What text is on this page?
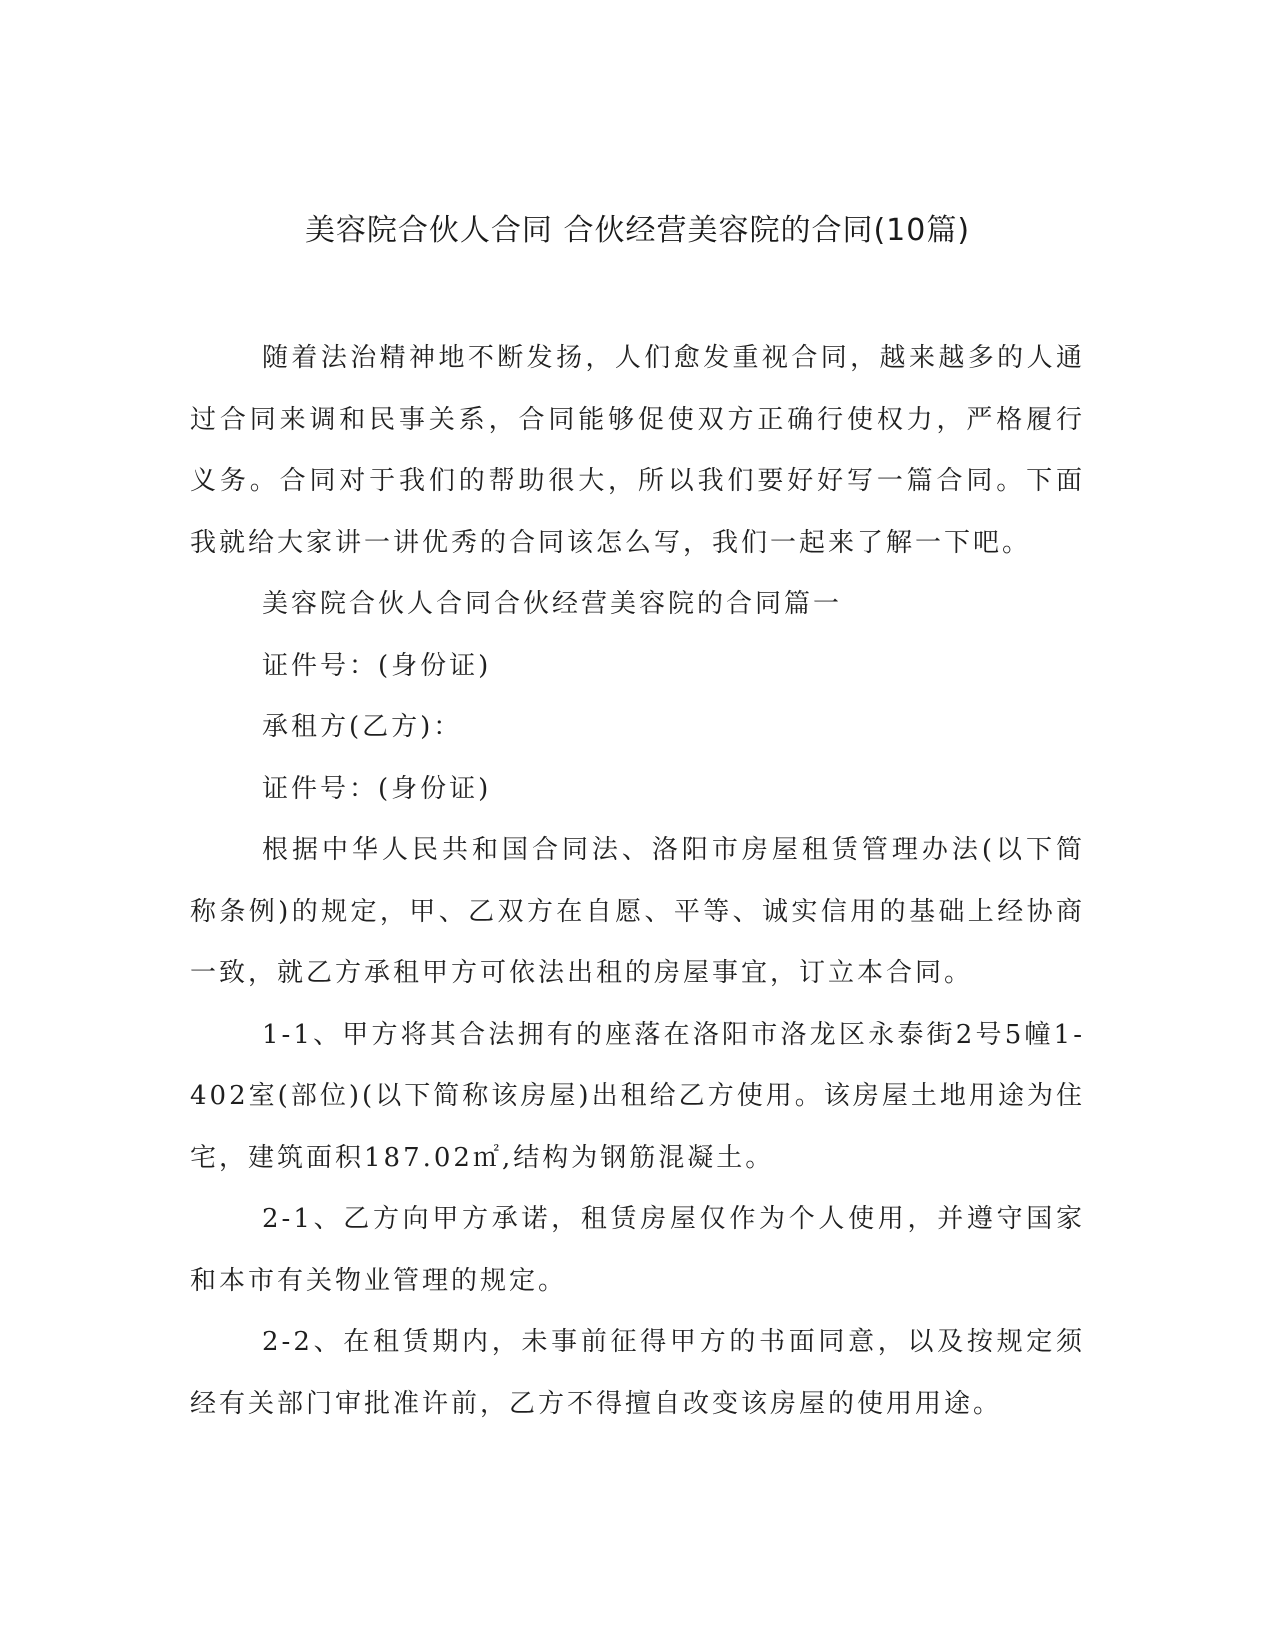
美容院合伙人合同 合伙经营美容院的合同(10篇)

随着法治精神地不断发扬，人们愈发重视合同，越来越多的人通过合同来调和民事关系，合同能够促使双方正确行使权力，严格履行义务。合同对于我们的帮助很大，所以我们要好好写一篇合同。下面我就给大家讲一讲优秀的合同该怎么写，我们一起来了解一下吧。

美容院合伙人合同合伙经营美容院的合同篇一

证件号：(身份证)

承租方(乙方)：

证件号：(身份证)

根据中华人民共和国合同法、洛阳市房屋租赁管理办法(以下简称条例)的规定，甲、乙双方在自愿、平等、诚实信用的基础上经协商一致，就乙方承租甲方可依法出租的房屋事宜，订立本合同。

1-1、甲方将其合法拥有的座落在洛阳市洛龙区永泰街2号5幢1-402室(部位)(以下简称该房屋)出租给乙方使用。该房屋土地用途为住宅，建筑面积187.02㎡,结构为钢筋混凝土。

2-1、乙方向甲方承诺，租赁房屋仅作为个人使用，并遵守国家和本市有关物业管理的规定。

2-2、在租赁期内，未事前征得甲方的书面同意，以及按规定须经有关部门审批准许前，乙方不得擅自改变该房屋的使用用途。
